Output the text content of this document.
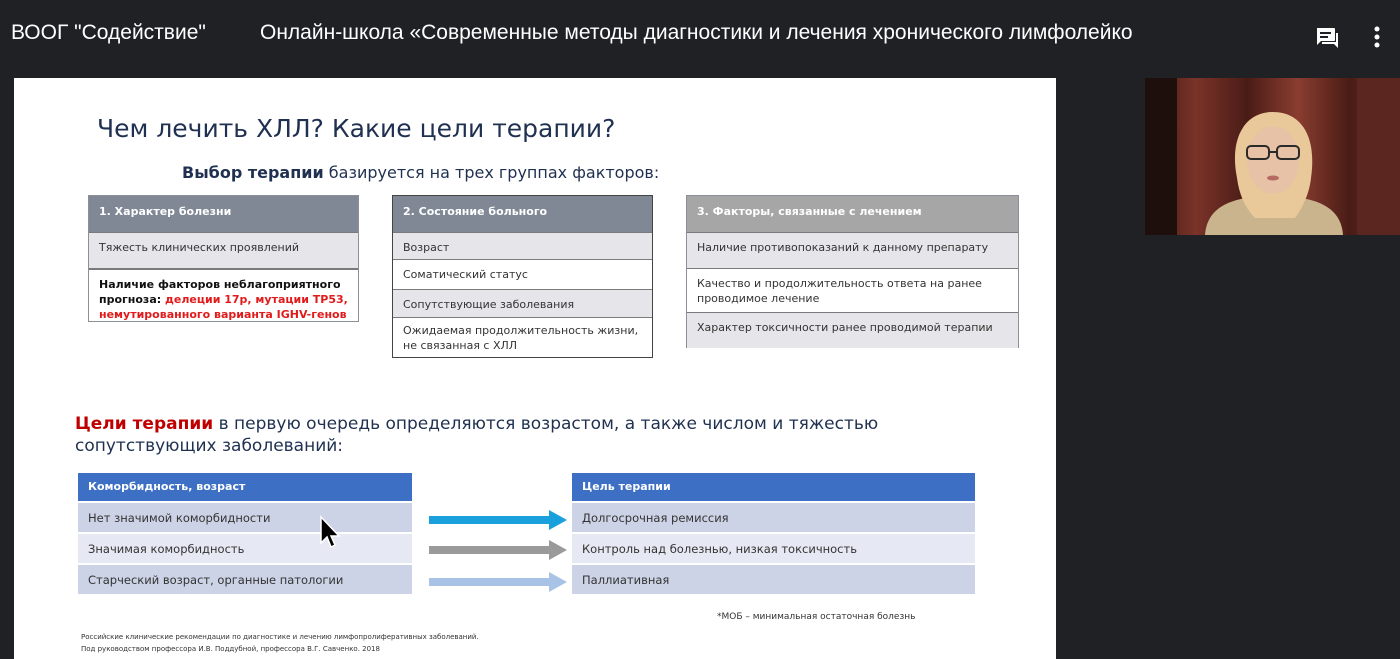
ВООГ "Содействие"	Онлайн-школа «Современные методы диагностики и лечения хронического лимфолейко
Чем лечить ХЛЛ? Какие цели терапии?
Выбор терапии базируется на трех группах факторов:
1. Характер болезни
Тяжесть клинических проявлений
Наличие факторов неблагоприятного прогноза: делеции 17p, мутации TP53, немутированного варианта IGHV-генов
2. Состояние больного
Возраст
Соматический статус
Сопутствующие заболевания
Ожидаемая продолжительность жизни, не связанная с ХЛЛ
3. Факторы, связанные с лечением
Наличие противопоказаний к данному препарату
Качество и продолжительность ответа на ранее проводимое лечение
Характер токсичности ранее проводимой терапии
Цели терапии в первую очередь определяются возрастом, а также числом и тяжестью сопутствующих заболеваний:
Коморбидность, возраст
Нет значимой коморбидности
Значимая коморбидность
Старческий возраст, органные патологии
Цель терапии
Долгосрочная ремиссия
Контроль над болезнью, низкая токсичность
Паллиативная
*МОБ – минимальная остаточная болезнь
Российские клинические рекомендации по диагностике и лечению лимфопролиферативных заболеваний.
Под руководством профессора И.В. Поддубной, профессора В.Г. Савченко. 2018
